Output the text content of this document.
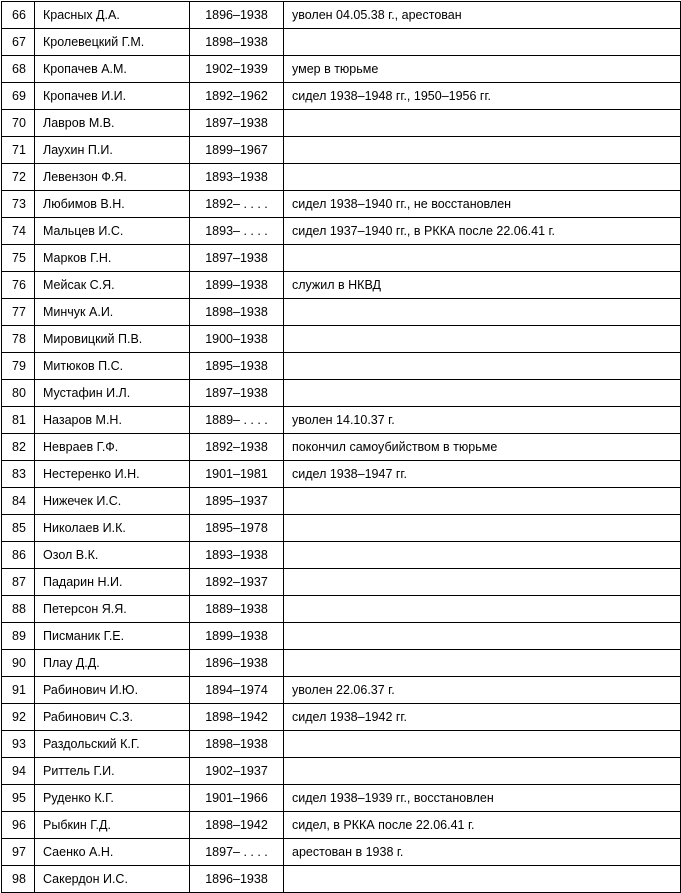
66	Красных Д.А.	1896–1938	уволен 04.05.38 г., арестован
67	Кролевецкий Г.М.	1898–1938	
68	Кропачев А.М.	1902–1939	умер в тюрьме
69	Кропачев И.И.	1892–1962	сидел 1938–1948 гг., 1950–1956 гг.
70	Лавров М.В.	1897–1938	
71	Лаухин П.И.	1899–1967	
72	Левензон Ф.Я.	1893–1938	
73	Любимов В.Н.	1892– . . . .	сидел 1938–1940 гг., не восстановлен
74	Мальцев И.С.	1893– . . . .	сидел 1937–1940 гг., в РККА после 22.06.41 г.
75	Марков Г.Н.	1897–1938	
76	Мейсак С.Я.	1899–1938	служил в НКВД
77	Минчук А.И.	1898–1938	
78	Мировицкий П.В.	1900–1938	
79	Митюков П.С.	1895–1938	
80	Мустафин И.Л.	1897–1938	
81	Назаров М.Н.	1889– . . . .	уволен 14.10.37 г.
82	Невраев Г.Ф.	1892–1938	покончил самоубийством в тюрьме
83	Нестеренко И.Н.	1901–1981	сидел 1938–1947 гг.
84	Нижечек И.С.	1895–1937	
85	Николаев И.К.	1895–1978	
86	Озол В.К.	1893–1938	
87	Падарин Н.И.	1892–1937	
88	Петерсон Я.Я.	1889–1938	
89	Писманик Г.Е.	1899–1938	
90	Плау Д.Д.	1896–1938	
91	Рабинович И.Ю.	1894–1974	уволен 22.06.37 г.
92	Рабинович С.З.	1898–1942	сидел 1938–1942 гг.
93	Раздольский К.Г.	1898–1938	
94	Риттель Г.И.	1902–1937	
95	Руденко К.Г.	1901–1966	сидел 1938–1939 гг., восстановлен
96	Рыбкин Г.Д.	1898–1942	сидел, в РККА после 22.06.41 г.
97	Саенко А.Н.	1897– . . . .	арестован в 1938 г.
98	Сакердон И.С.	1896–1938	
